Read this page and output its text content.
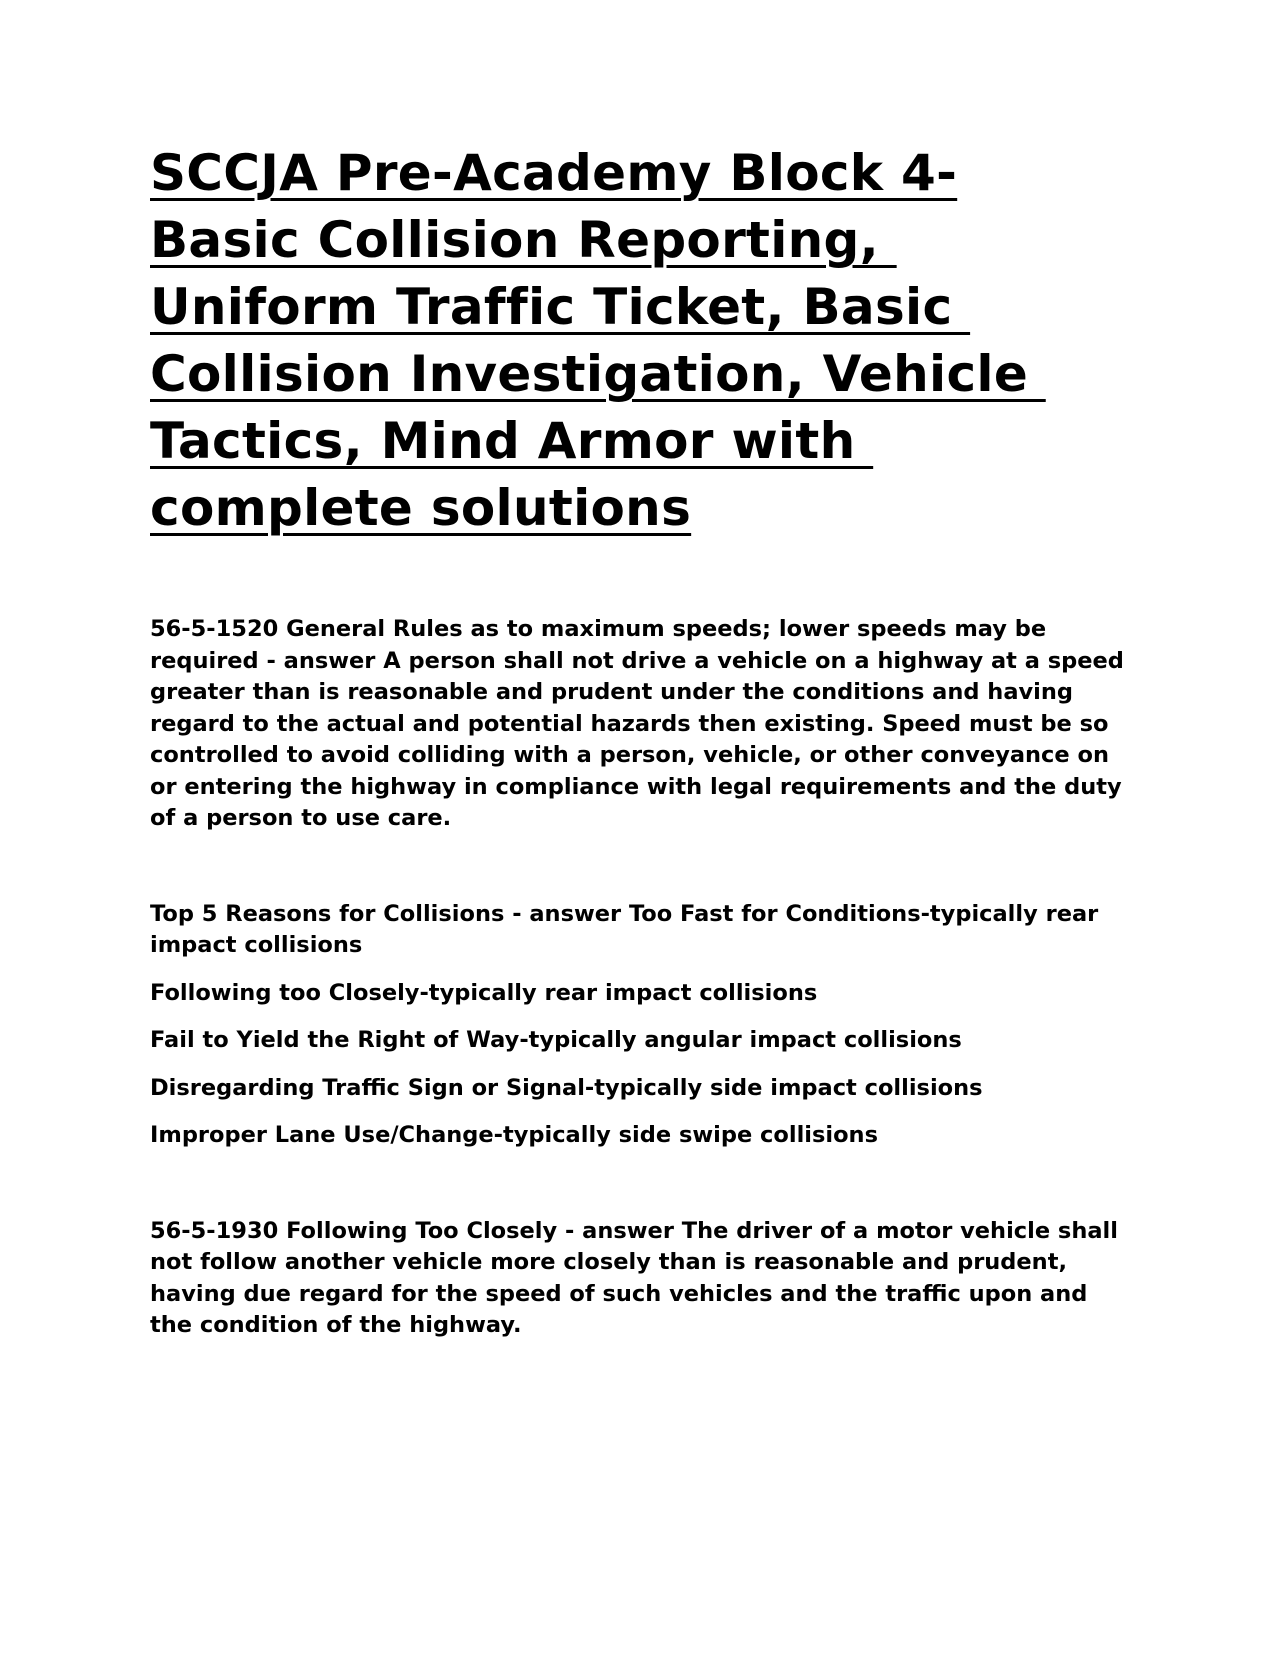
SCCJA Pre-Academy Block 4-
Basic Collision Reporting,
Uniform Traffic Ticket, Basic
Collision Investigation, Vehicle
Tactics, Mind Armor with
complete solutions

56-5-1520 General Rules as to maximum speeds; lower speeds may be required - answer A person shall not drive a vehicle on a highway at a speed greater than is reasonable and prudent under the conditions and having regard to the actual and potential hazards then existing. Speed must be so controlled to avoid colliding with a person, vehicle, or other conveyance on or entering the highway in compliance with legal requirements and the duty of a person to use care.

Top 5 Reasons for Collisions - answer Too Fast for Conditions-typically rear impact collisions

Following too Closely-typically rear impact collisions

Fail to Yield the Right of Way-typically angular impact collisions

Disregarding Traffic Sign or Signal-typically side impact collisions

Improper Lane Use/Change-typically side swipe collisions

56-5-1930 Following Too Closely - answer The driver of a motor vehicle shall not follow another vehicle more closely than is reasonable and prudent, having due regard for the speed of such vehicles and the traffic upon and the condition of the highway.
